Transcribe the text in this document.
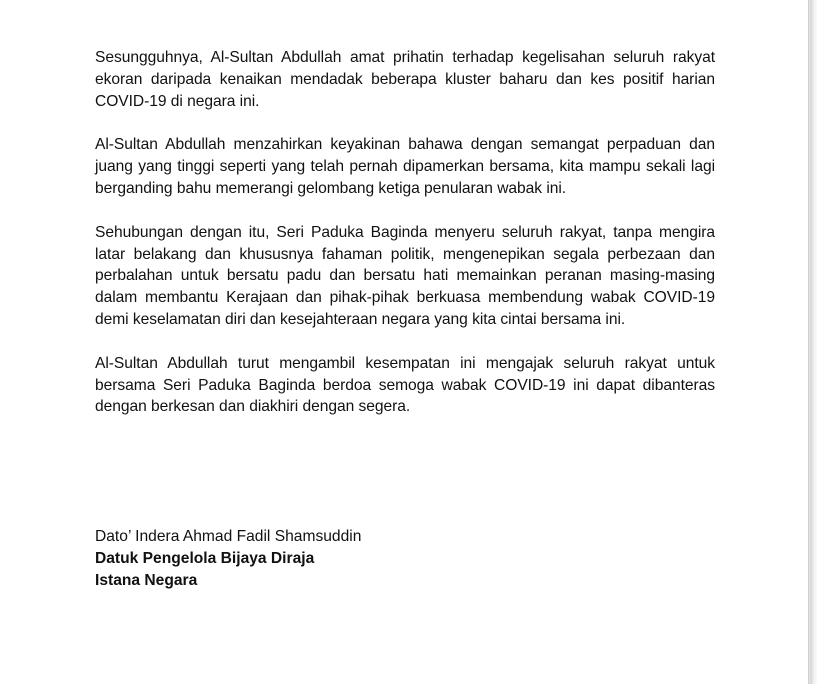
Sesungguhnya, Al-Sultan Abdullah amat prihatin terhadap kegelisahan seluruh rakyat ekoran daripada kenaikan mendadak beberapa kluster baharu dan kes positif harian COVID-19 di negara ini.

Al-Sultan Abdullah menzahirkan keyakinan bahawa dengan semangat perpaduan dan juang yang tinggi seperti yang telah pernah dipamerkan bersama, kita mampu sekali lagi berganding bahu memerangi gelombang ketiga penularan wabak ini.

Sehubungan dengan itu, Seri Paduka Baginda menyeru seluruh rakyat, tanpa mengira latar belakang dan khususnya fahaman politik, mengenepikan segala perbezaan dan perbalahan untuk bersatu padu dan bersatu hati memainkan peranan masing-masing dalam membantu Kerajaan dan pihak-pihak berkuasa membendung wabak COVID-19 demi keselamatan diri dan kesejahteraan negara yang kita cintai bersama ini.

Al-Sultan Abdullah turut mengambil kesempatan ini mengajak seluruh rakyat untuk bersama Seri Paduka Baginda berdoa semoga wabak COVID-19 ini dapat dibanteras dengan berkesan dan diakhiri dengan segera.

Dato’ Indera Ahmad Fadil Shamsuddin
Datuk Pengelola Bijaya Diraja
Istana Negara
